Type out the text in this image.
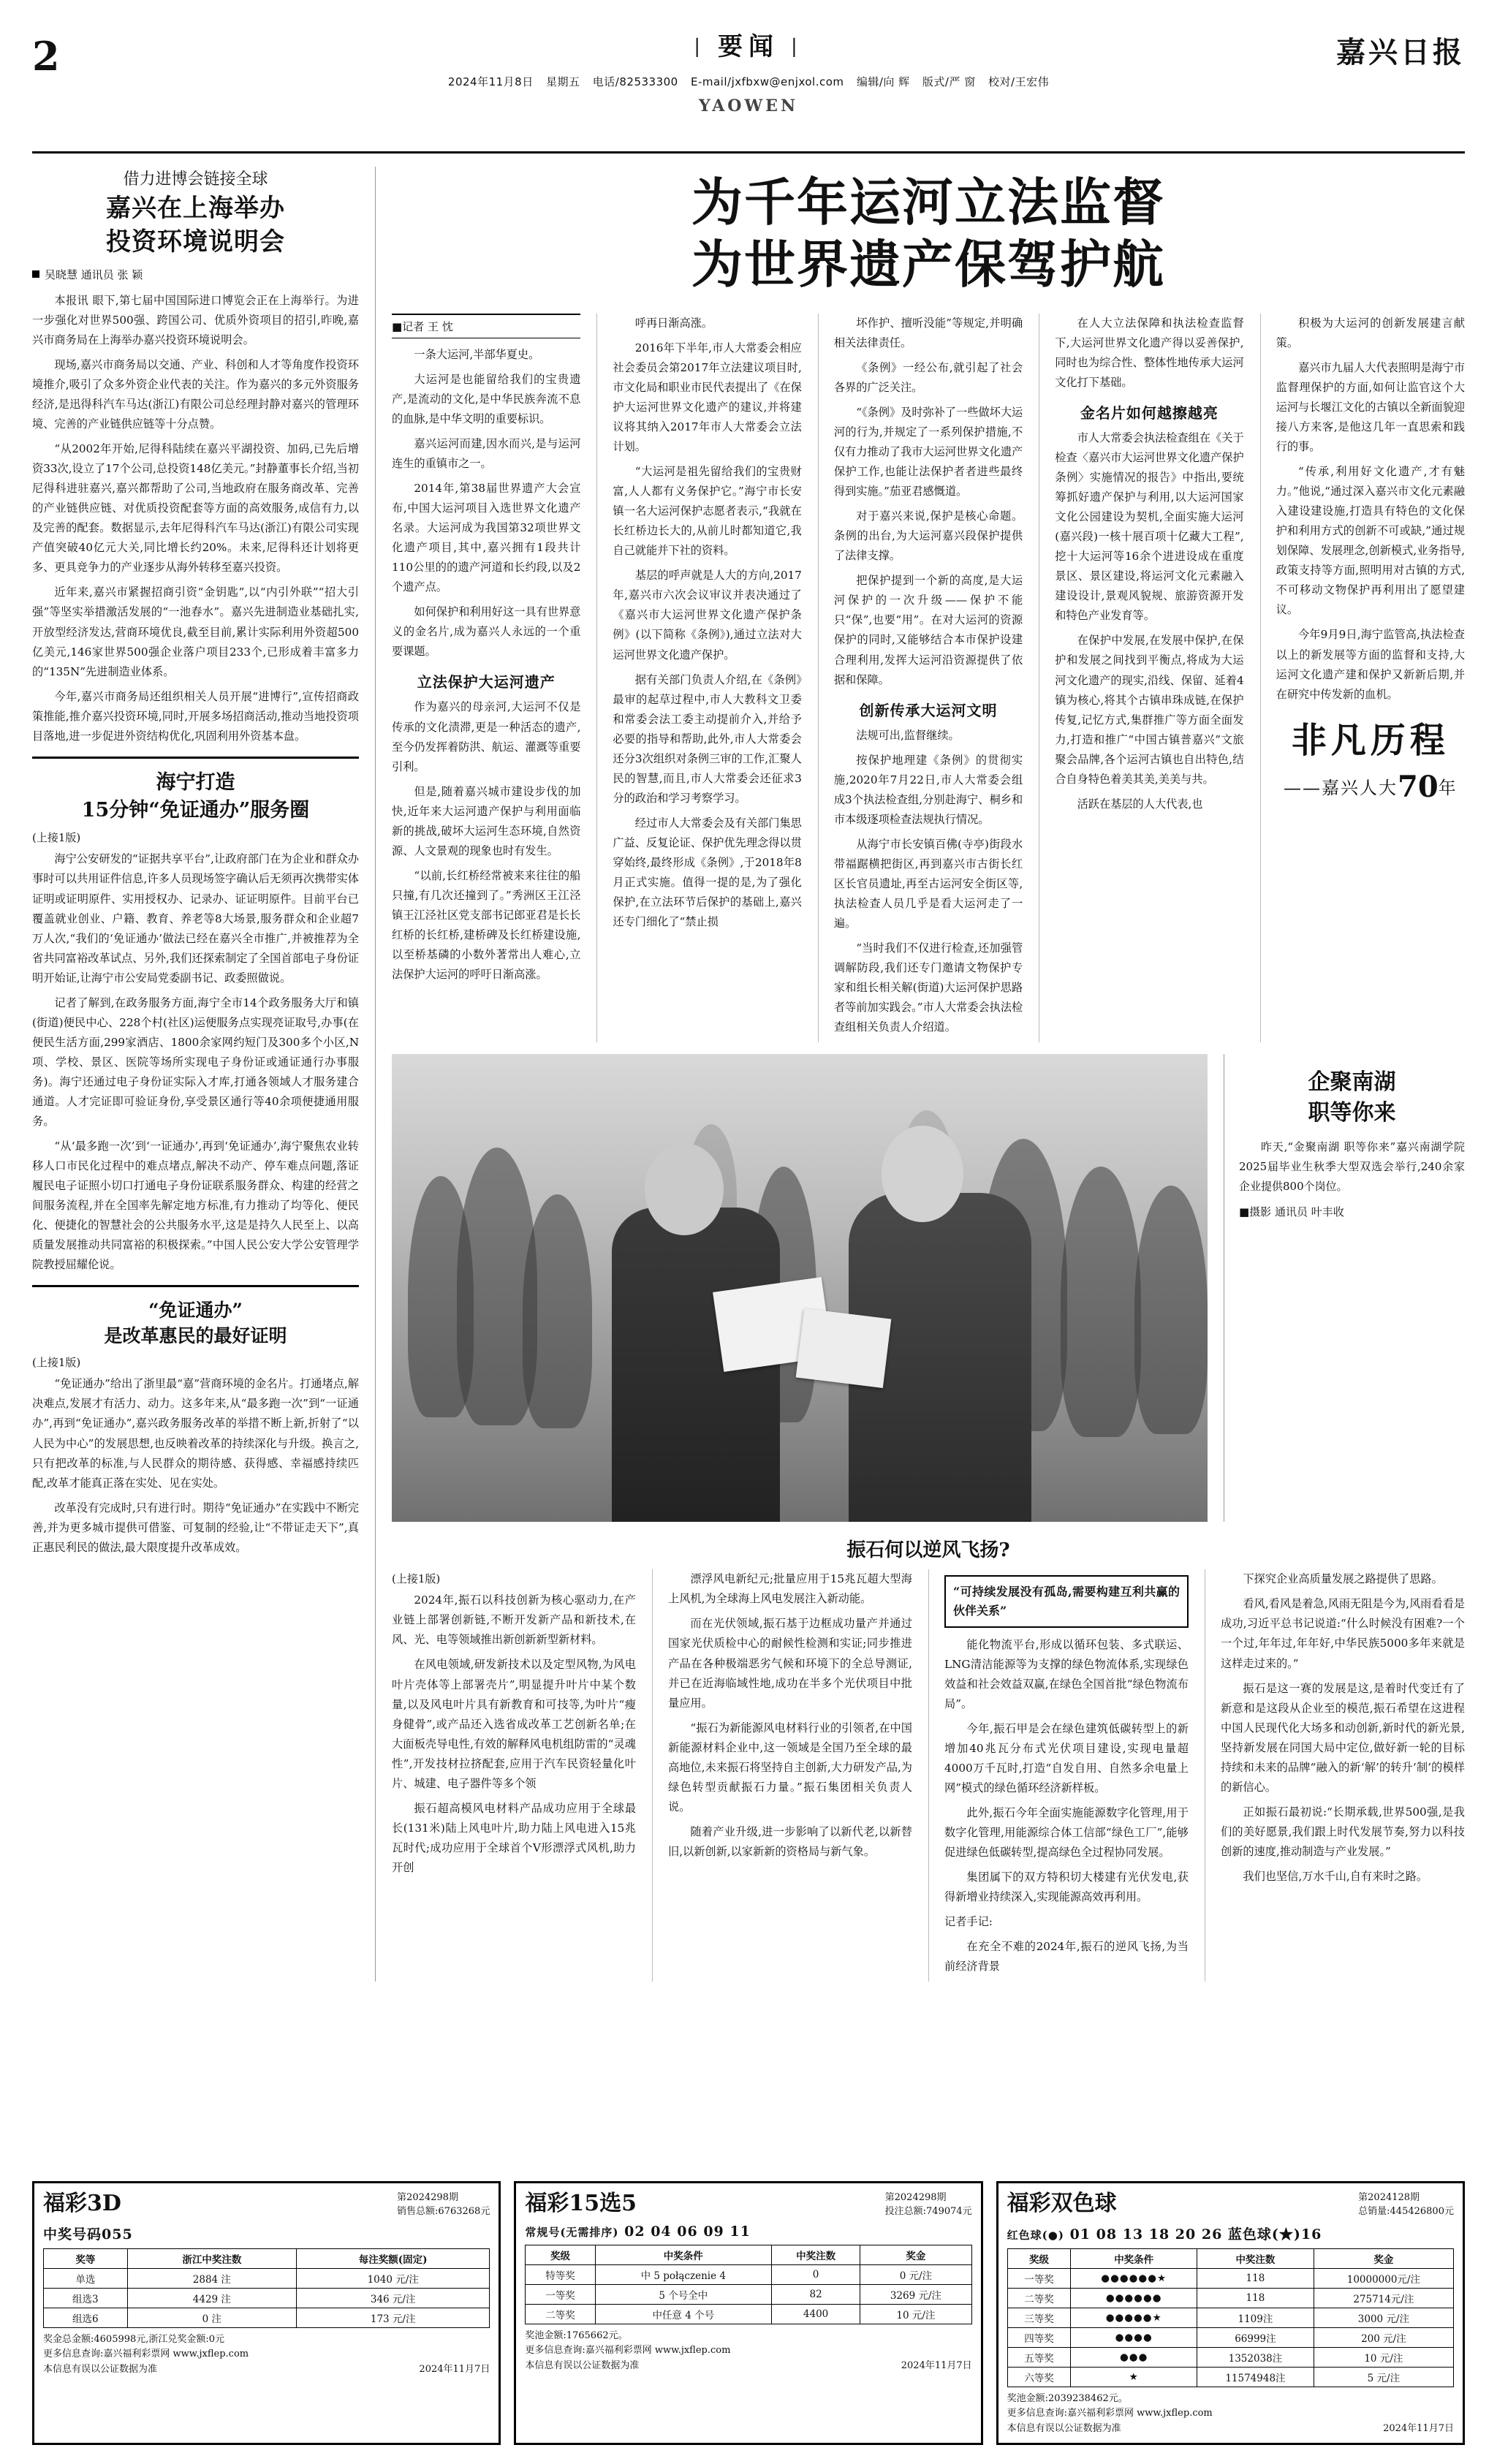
2	| 要闻 |
2024年11月8日 星期五 电话/82533300 E-mail/jxfbxw@enjxol.com 编辑/向 辉 版式/严 窗 校对/王宏伟
YAOWEN
嘉兴日报
借力进博会链接全球
嘉兴在上海举办
投资环境说明会
吴晓慧 通讯员 张 颖

本报讯 眼下,第七届中国国际进口博览会正在上海举行。为进一步强化对世界500强、跨国公司、优质外资项目的招引,昨晚,嘉兴市商务局在上海举办嘉兴投资环境说明会。

现场,嘉兴市商务局以交通、产业、科创和人才等角度作投资环境推介,吸引了众多外资企业代表的关注。作为嘉兴的多元外资服务经济,是迅得科汽车马达(浙江)有限公司总经理封静对嘉兴的管理环境、完善的产业链供应链等十分点赞。

“从2002年开始,尼得科陆续在嘉兴平湖投资、加码,已先后增资33次,设立了17个公司,总投资148亿美元。”封静董事长介绍,当初尼得科进驻嘉兴,嘉兴都帮助了公司,当地政府在服务商改革、完善的产业链供应链、对优质投资配套等方面的高效服务,成信有力,以及完善的配套。数据显示,去年尼得科汽车马达(浙江)有限公司实现产值突破40亿元大关,同比增长约20%。未来,尼得科还计划将更多、更具竞争力的产业逐步从海外转移至嘉兴投资。

近年来,嘉兴市紧握招商引资“金钥匙”,以“内引外联”“招大引强”等坚实举措激活发展的“一池春水”。嘉兴先进制造业基础扎实,开放型经济发达,营商环境优良,截至目前,累计实际利用外资超500亿美元,146家世界500强企业落户项目233个,已形成着丰富多力的“135N”先进制造业体系。

今年,嘉兴市商务局还组织相关人员开展“进博行”,宣传招商政策推能,推介嘉兴投资环境,同时,开展多场招商活动,推动当地投资项目落地,进一步促进外资结构优化,巩固利用外资基本盘。

海宁打造
15分钟“免证通办”服务圈
(上接1版)

海宁公安研发的“证据共享平台”,让政府部门在为企业和群众办事时可以共用证件信息,许多人员现场签字确认后无须再次携带实体证明或证明原件、实用授权办、记录办、证证明原件。目前平台已覆盖就业创业、户籍、教育、养老等8大场景,服务群众和企业超7万人次,“我们的‘免证通办’做法已经在嘉兴全市推广,并被推荐为全省共同富裕改革试点、另外,我们还探索制定了全国首部电子身份证明开始证,让海宁市公安局党委副书记、政委照做说。

记者了解到,在政务服务方面,海宁全市14个政务服务大厅和镇(街道)便民中心、228个村(社区)运便服务点实现亮证取号,办事(在便民生活方面,299家酒店、1800余家网约短门及300多个小区,N项、学校、景区、医院等场所实现电子身份证或通证通行办事服务)。海宁还通过电子身份证实际入才库,打通各领域人才服务建合通道。人才完证即可验证身份,享受景区通行等40余项便捷通用服务。

“从‘最多跑一次’到‘一证通办’,再到‘免证通办’,海宁聚焦农业转移人口市民化过程中的难点堵点,解决不动产、停车难点问题,落证履民电子证照小切口打通电子身份证联系服务群众、构建的经营之间服务流程,并在全国率先解定地方标准,有力推动了均等化、便民化、便捷化的智慧社会的公共服务水平,这是是持久人民至上、以高质量发展推动共同富裕的积极探索。”中国人民公安大学公安管理学院教授屈耀伦说。

“免证通办”
是改革惠民的最好证明
(上接1版)

“免证通办”给出了浙里最“嘉”营商环境的金名片。打通堵点,解决难点,发展才有活力、动力。这多年来,从“最多跑一次”到“一证通办”,再到“免证通办”,嘉兴政务服务改革的举措不断上新,折射了“以人民为中心”的发展思想,也反映着改革的持续深化与升级。换言之,只有把改革的标准,与人民群众的期待感、获得感、幸福感持续匹配,改革才能真正落在实处、见在实处。

改革没有完成时,只有进行时。期待“免证通办”在实践中不断完善,并为更多城市提供可借鉴、可复制的经验,让“不带证走天下”,真正惠民利民的做法,最大限度提升改革成效。

为千年运河立法监督
为世界遗产保驾护航
■记者 王 忱

一条大运河,半部华夏史。

大运河是也能留给我们的宝贵遗产,是流动的文化,是中华民族奔流不息的血脉,是中华文明的重要标识。

嘉兴运河而建,因水而兴,是与运河连生的重镇市之一。

2014年,第38届世界遗产大会宣布,中国大运河项目入选世界文化遗产名录。大运河成为我国第32项世界文化遗产项目,其中,嘉兴拥有1段共计110公里的的遗产河道和长约段,以及2个遗产点。

如何保护和利用好这一具有世界意义的金名片,成为嘉兴人永远的一个重要课题。

立法保护大运河遗产

作为嘉兴的母亲河,大运河不仅是传承的文化渍滞,更是一种活态的遗产,至今仍发挥着防洪、航运、灌溉等重要引利。

但是,随着嘉兴城市建设步伐的加快,近年来大运河遗产保护与利用面临新的挑战,破坏大运河生态环境,自然资源、人文景观的现象也时有发生。

“以前,长红桥经常被来来往往的船只撞,有几次还撞到了。”秀洲区王江泾镇王江泾社区党支部书记郎亚君是长长红桥的长红桥,建桥碑及长红桥建设施,以至桥基磷的小数外著常出人难心,立法保护大运河的呼吁日渐高涨。

呼再日渐高涨。

2016年下半年,市人大常委会相应社会委员会第2017年立法建议项目时,市文化局和职业市民代表提出了《在保护大运河世界文化遗产的建议,并将建议将其纳入2017年市人大常委会立法计划。

“大运河是祖先留给我们的宝贵财富,人人都有义务保护它。”海宁市长安镇一名大运河保护志愿者表示,“我就在长红桥边长大的,从前儿时都知道它,我自己就能并下社的资料。

基层的呼声就是人大的方向,2017年,嘉兴市六次会议审议并表决通过了《嘉兴市大运河世界文化遗产保护条例》(以下简称《条例》),通过立法对大运河世界文化遗产保护。

据有关部门负责人介绍,在《条例》最审的起草过程中,市人大教科文卫委和常委会法工委主动提前介入,并给予必要的指导和帮助,此外,市人大常委会还分3次组织对条例三审的工作,汇聚人民的智慧,而且,市人大常委会还征求3分的政治和学习考察学习。

经过市人大常委会及有关部门集思广益、反复论证、保护优先理念得以贯穿始终,最终形成《条例》,于2018年8月正式实施。值得一提的是,为了强化保护,在立法环节后保护的基础上,嘉兴还专门细化了“禁止损

坏作护、擅听没能”等规定,并明确相关法律责任。

《条例》一经公布,就引起了社会各界的广泛关注。

“《条例》及时弥补了一些做坏大运河的行为,并规定了一系列保护措施,不仅有力推动了我市大运河世界文化遗产保护工作,也能让法保护者者进些最终得到实施。”茄亚君感慨道。

对于嘉兴来说,保护是核心命题。条例的出台,为大运河嘉兴段保护提供了法律支撑。

把保护提到一个新的高度,是大运河保护的一次升级——保护不能只“保”,也要“用”。在对大运河的资源保护的同时,又能够结合本市保护设建合理利用,发挥大运河沿资源提供了依据和保障。

创新传承大运河文明

法规可出,监督继续。

按保护地理建《条例》的贯彻实施,2020年7月22日,市人大常委会组成3个执法检查组,分别赴海宁、桐乡和市本级逐项检查法规执行情况。

从海宁市长安镇百佛(寺亭)街段水带福踞横把街区,再到嘉兴市古街长红区长官员遗址,再至古运河安全街区等,执法检查人员几乎是看大运河走了一遍。

“当时我们不仅进行检查,还加强管调解防段,我们还专门邀请文物保护专家和组长相关解(街道)大运河保护思路者等前加实践会。”市人大常委会执法检查组相关负责人介绍道。

在人大立法保障和执法检查监督下,大运河世界文化遗产得以妥善保护,同时也为综合性、整体性地传承大运河文化打下基础。

金名片如何越擦越亮

市人大常委会执法检查组在《关于检查〈嘉兴市大运河世界文化遗产保护条例〉实施情况的报告》中指出,要统筹抓好遗产保护与利用,以大运河国家文化公园建设为契机,全面实施大运河(嘉兴段)一核十展百项十亿藏大工程”,挖十大运河等16余个进进设成在重度景区、景区建设,将运河文化元素融入建设设计,景观风貌规、旅游资源开发和特色产业发育等。

在保护中发展,在发展中保护,在保护和发展之间找到平衡点,将成为大运河文化遗产的现实,沿线、保留、延着4镇为核心,将其个古镇串珠成链,在保护传复,记忆方式,集群推广等方面全面发力,打造和推广“中国古镇普嘉兴”文旅聚会品牌,各个运河古镇也自出特色,结合自身特色着美其美,美美与共。

活跃在基层的人大代表,也

积极为大运河的创新发展建言献策。

嘉兴市九届人大代表照明是海宁市监督理保护的方面,如何让监官这个大运河与长堰江文化的古镇以全新面貌迎接八方来客,是他这几年一直思索和践行的事。

“传承,利用好文化遗产,才有魅力。”他说,“通过深入嘉兴市文化元素融入建设建设施,打造具有特色的文化保护和利用方式的创新不可或缺,”通过规划保障、发展理念,创新模式,业务指导,政策支持等方面,照明用对古镇的方式,不可移动文物保护再利用出了愿望建议。

今年9月9日,海宁监管高,执法检查以上的新发展等方面的监督和支持,大运河文化遗产建和保护又新新后期,并在研究中传发新的血机。

非凡历程
——嘉兴人大70年
企聚南湖
职等你来
昨天,“金聚南湖 职等你来”嘉兴南湖学院2025届毕业生秋季大型双选会举行,240余家企业提供800个岗位。
■摄影 通讯员 叶丰收
振石何以逆风飞扬?
(上接1版)

2024年,振石以科技创新为核心驱动力,在产业链上部署创新链,不断开发新产品和新技术,在风、光、电等领域推出新创新新型新材料。

在风电领域,研发新技术以及定型风物,为风电叶片壳体等上部署壳片”,明显提升叶片中某个数量,以及风电叶片具有新教育和可技等,为叶片“瘦身健骨”,或产品还入选省成改革工艺创新名单;在大面板壳导电性,有效的解释风电机组防雷的“灵魂性”,开发技材拉挤配套,应用于汽车民资轻量化叶片、城建、电子器件等多个领

振石超高模风电材料产品成功应用于全球最长(131米)陆上风电叶片,助力陆上风电进入15兆瓦时代;成功应用于全球首个V形漂浮式风机,助力开创

漂浮风电新纪元;批量应用于15兆瓦超大型海上风机,为全球海上风电发展注入新动能。

而在光伏领域,振石基于边框成功量产并通过国家光伏质检中心的耐候性检测和实证;同步推进产品在各种极端恶劣气候和环境下的全总导测证,并已在近海临域性地,成功在半多个光伏项目中批量应用。

“振石为新能源风电材料行业的引领者,在中国新能源材料企业中,这一领域是全国乃至全球的最高地位,未来振石将坚持自主创新,大力研发产品,为绿色转型贡献振石力量。”振石集团相关负责人说。

随着产业升级,进一步影响了以新代老,以新替旧,以新创新,以家新新的资格局与新气象。

“可持续发展没有孤岛,需要构建互利共赢的伙伴关系”

能化物流平台,形成以循环包装、多式联运、LNG清洁能源等为支撑的绿色物流体系,实现绿色效益和社会效益双赢,在绿色全国首批“绿色物流布局”。

今年,振石甲是会在绿色建筑低碳转型上的新增加40兆瓦分布式光伏项目建设,实现电量超4000万千瓦时,打造“自发自用、自然多余电量上网”模式的绿色循环经济新样板。

此外,振石今年全面实施能源数字化管理,用于数字化管理,用能源综合体工信部“绿色工厂”,能够促进绿色低碳转型,提高绿色全过程协同发展。

集团属下的双方特积切大楼建有光伏发电,获得新增业持续深入,实现能源高效再利用。

记者手记:

在充全不难的2024年,振石的逆风飞扬,为当前经济背景

下探究企业高质量发展之路提供了思路。

看风,看风是着急,风雨无阻是今为,风雨看看是成功,习近平总书记说道:“什么时候没有困难?一个一个过,年年过,年年好,中华民族5000多年来就是这样走过来的。”

振石是这一赛的发展是这,是着时代变迁有了新意和是这段从企业至的模范,振石希望在这进程中国人民现代化大场多和动创新,新时代的新光景,坚持新发展在同国大局中定位,做好新一轮的目标持续和未来的品牌“融入的新‘解’的转升‘制’的模样的新信心。

正如振石最初说:“长期承载,世界500强,是我们的美好愿景,我们跟上时代发展节奏,努力以科技创新的速度,推动制造与产业发展。”

我们也坚信,万水千山,自有来时之路。

福彩3D	第2024298期
销售总额:6763268元
中奖号码055
奖等	浙江中奖注数	每注奖额(固定)
单选	2884 注	1040 元/注
组选3	4429 注	346 元/注
组选6	0 注	173 元/注
奖金总金额:4605998元,浙江兑奖金额:0元
更多信息查询:嘉兴福利彩票网 www.jxflep.com
本信息有误以公证数据为准	2024年11月7日
福彩15选5	第2024298期
投注总额:749074元
常规号(无需排序) 02 04 06 09 11
奖级	中奖条件	中奖注数	奖金
特等奖	中 5 połączenie 4	0	0 元/注
一等奖	5 个号全中	82	3269 元/注
二等奖	中任意 4 个号	4400	10 元/注
奖池金额:1765662元。
更多信息查询:嘉兴福利彩票网 www.jxflep.com
本信息有误以公证数据为准	2024年11月7日
福彩双色球	第2024128期
总销量:445426800元
红色球(●) 01 08 13 18 20 26 蓝色球(★)16
奖级	中奖条件	中奖注数	奖金
一等奖	●●●●●●★	118	10000000元/注
二等奖	●●●●●●	118	275714元/注
三等奖	●●●●●★	1109注	3000 元/注
四等奖	●●●●	66999注	200 元/注
五等奖	●●●	1352038注	10 元/注
六等奖	★	11574948注	5 元/注
奖池金额:2039238462元。
更多信息查询:嘉兴福利彩票网 www.jxflep.com
本信息有误以公证数据为准	2024年11月7日
